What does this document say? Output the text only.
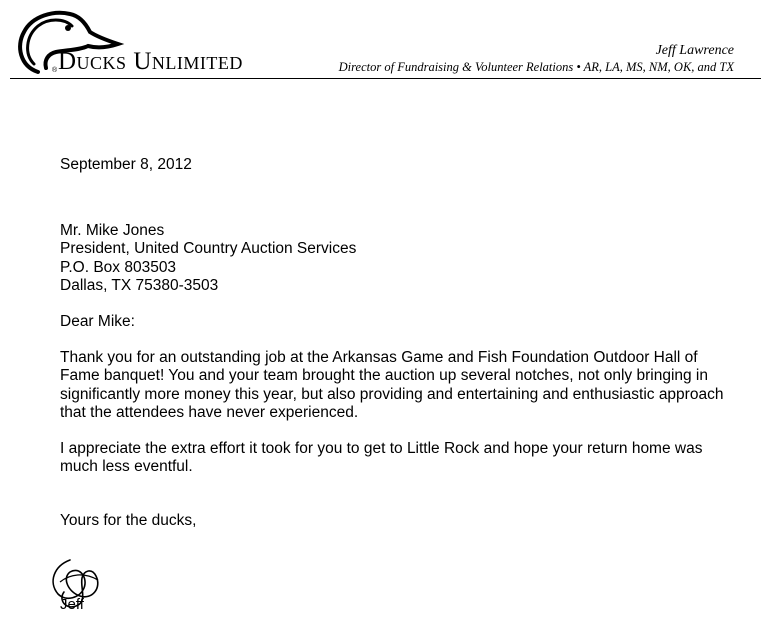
® Ducks Unlimited	Jeff Lawrence
Director of Fundraising & Volunteer Relations • AR, LA, MS, NM, OK, and TX

September 8, 2012

Mr. Mike Jones

President, United Country Auction Services

P.O. Box 803503

Dallas, TX 75380-3503

Dear Mike:

Thank you for an outstanding job at the Arkansas Game and Fish Foundation Outdoor Hall of Fame banquet! You and your team brought the auction up several notches, not only bringing in significantly more money this year, but also providing and entertaining and enthusiastic approach that the attendees have never experienced.

I appreciate the extra effort it took for you to get to Little Rock and hope your return home was much less eventful.

Yours for the ducks,

Jeff
